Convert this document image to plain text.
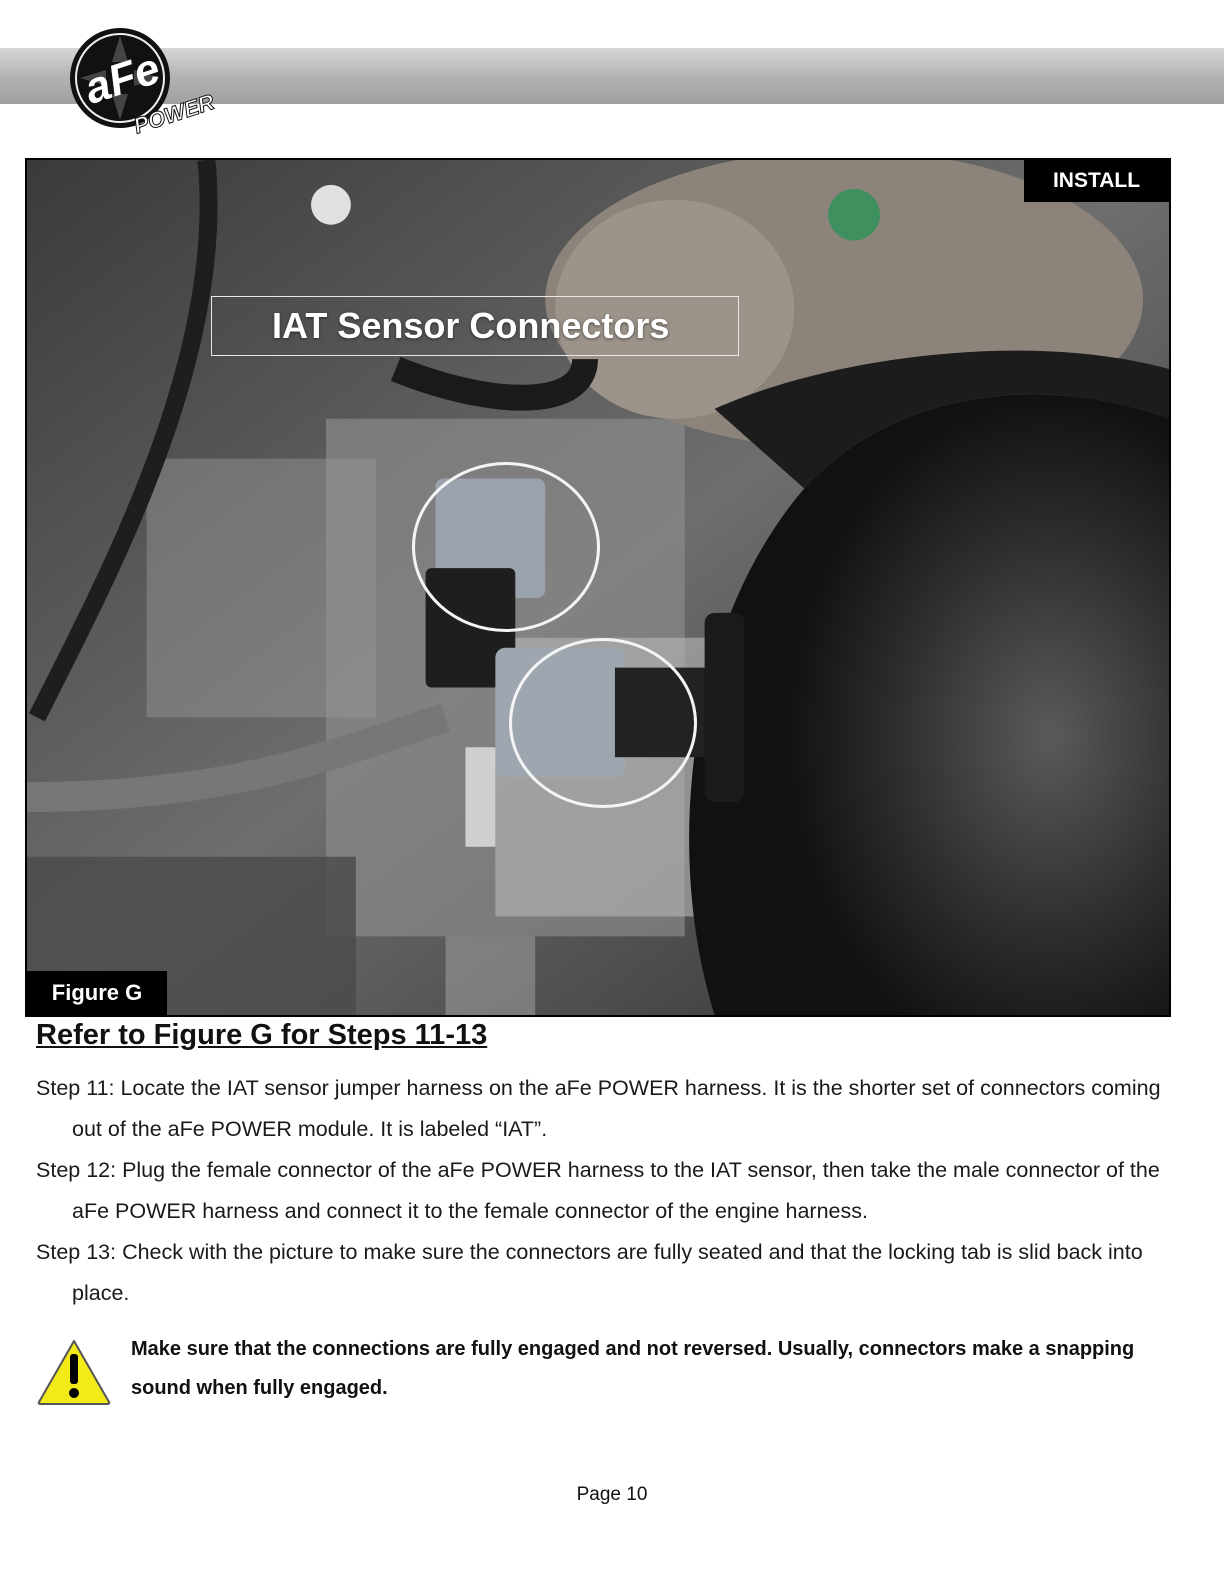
aFe
POWER
IAT Sensor Connectors
INSTALL
Figure G
Refer to Figure G for Steps 11-13

Step 11: Locate the IAT sensor jumper harness on the aFe POWER harness. It is the shorter set of connectors coming out of the aFe POWER module. It is labeled “IAT”.

Step 12: Plug the female connector of the aFe POWER harness to the IAT sensor, then take the male connector of the aFe POWER harness and connect it to the female connector of the engine harness.

Step 13: Check with the picture to make sure the connectors are fully seated and that the locking tab is slid back into place.

Make sure that the connections are fully engaged and not reversed. Usually, connectors make a snapping sound when fully engaged.

Page 10
